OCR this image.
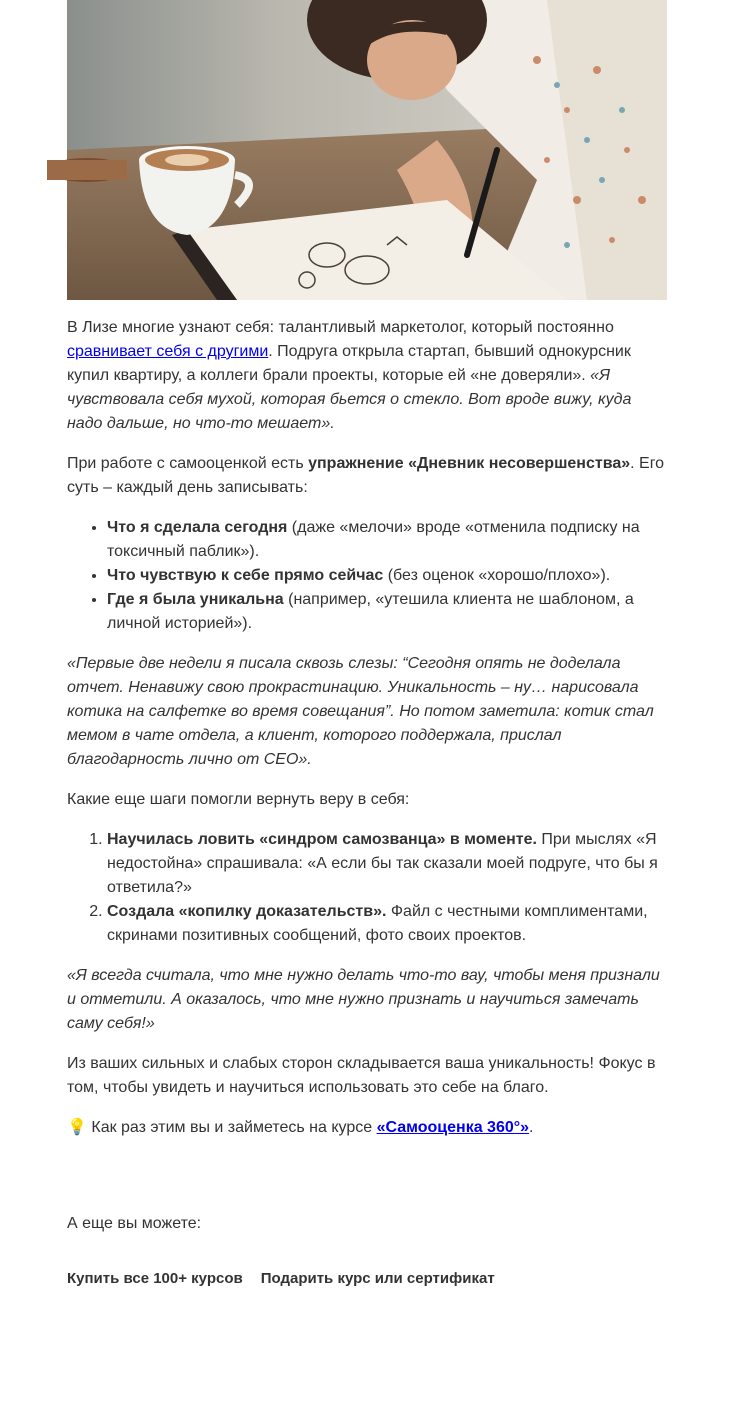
В Лизе многие узнают себя: талантливый маркетолог, который постоянно сравнивает себя с другими. Подруга открыла стартап, бывший однокурсник купил квартиру, а коллеги брали проекты, которые ей «не доверяли». «Я чувствовала себя мухой, которая бьется о стекло. Вот вроде вижу, куда надо дальше, но что-то мешает».

При работе с самооценкой есть упражнение «Дневник несовершенства». Его суть – каждый день записывать:

• Что я сделала сегодня (даже «мелочи» вроде «отменила подписку на токсичный паблик»).
• Что чувствую к себе прямо сейчас (без оценок «хорошо/плохо»).
• Где я была уникальна (например, «утешила клиента не шаблоном, а личной историей»).

«Первые две недели я писала сквозь слезы: “Сегодня опять не доделала отчет. Ненавижу свою прокрастинацию. Уникальность – ну… нарисовала котика на салфетке во время совещания”. Но потом заметила: котик стал мемом в чате отдела, а клиент, которого поддержала, прислал благодарность лично от CEO».

Какие еще шаги помогли вернуть веру в себя:

1. Научилась ловить «синдром самозванца» в моменте. При мыслях «Я недостойна» спрашивала: «А если бы так сказали моей подруге, что бы я ответила?»
2. Создала «копилку доказательств». Файл с честными комплиментами, скринами позитивных сообщений, фото своих проектов.

«Я всегда считала, что мне нужно делать что-то вау, чтобы меня признали и отметили. А оказалось, что мне нужно признать и научиться замечать саму себя!»

Из ваших сильных и слабых сторон складывается ваша уникальность! Фокус в том, чтобы увидеть и научиться использовать это себе на благо.

💡 Как раз этим вы и займетесь на курсе «Самооценка 360°».

А еще вы можете:

Купить все 100+ курсов Подарить курс или сертификат
